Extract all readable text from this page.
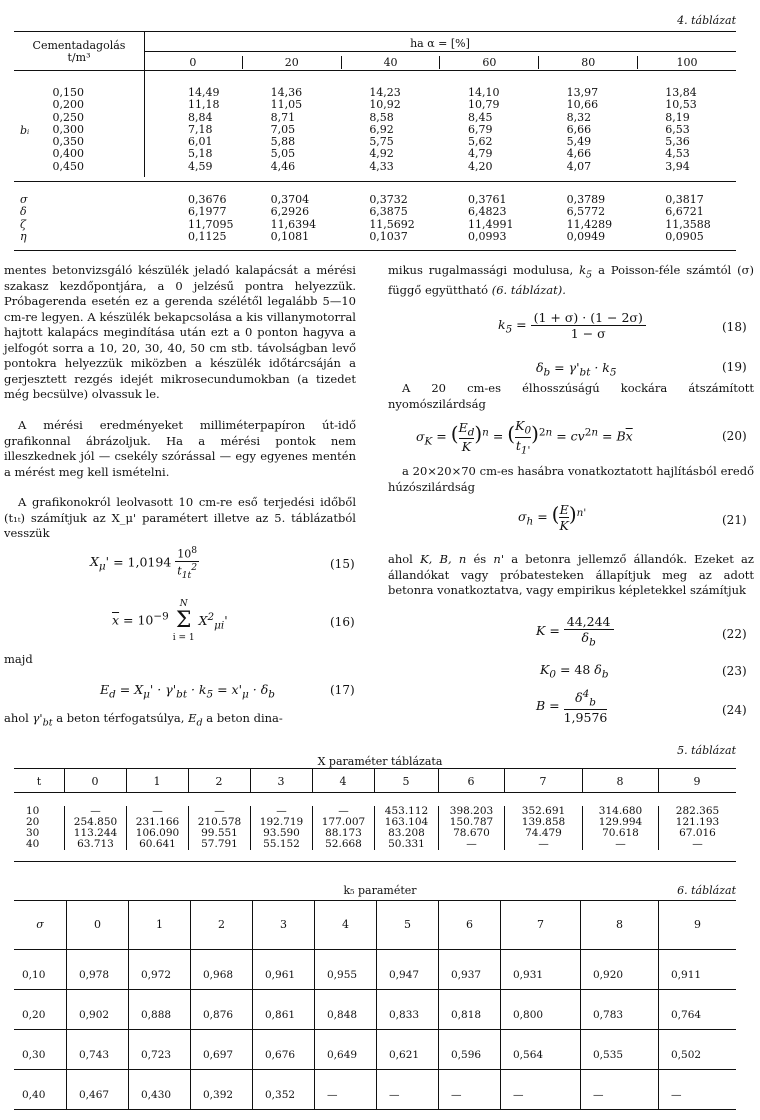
4. táblázat
Cementadagolás
t/m³
ha α = [%]
0	20	40	60	80	100
bᵢ
0,150	14,49	14,36	14,23	14,10	13,97	13,84
0,200	11,18	11,05	10,92	10,79	10,66	10,53
0,250	8,84	8,71	8,58	8,45	8,32	8,19
0,300	7,18	7,05	6,92	6,79	6,66	6,53
0,350	6,01	5,88	5,75	5,62	5,49	5,36
0,400	5,18	5,05	4,92	4,79	4,66	4,53
0,450	4,59	4,46	4,33	4,20	4,07	3,94
σ	0,3676	0,3704	0,3732	0,3761	0,3789	0,3817
δ	6,1977	6,2926	6,3875	6,4823	6,5772	6,6721
ζ	11,7095	11,6394	11,5692	11,4991	11,4289	11,3588
η	0,1125	0,1081	0,1037	0,0993	0,0949	0,0905
mentes betonvizsgáló készülék jeladó kalapácsát a mérési szakasz kezdőpontjára, a 0 jelzésű pontra helyezzük. Próbagerenda esetén ez a gerenda szélétől legalább 5—10 cm-re legyen. A készülék bekapcsolása a kis villanymotorral hajtott kalapács megindítása után ezt a 0 ponton hagyva a jelfogót sorra a 10, 20, 30, 40, 50 cm stb. távolságban levő pontokra helyezzük miközben a készülék időtárcsáján a gerjesztett rezgés idejét mikrosecundumokban (a tizedet még becsülve) olvassuk le.
A mérési eredményeket milliméterpapíron út-idő grafikonnal ábrázoljuk. Ha a mérési pontok nem illeszkednek jól — csekély szórással — egy egyenes mentén a mérést meg kell ismételni.
A grafikonokról leolvasott 10 cm-re eső terjedési időből (t₁ₜ) számítjuk az X_μ' paramétert illetve az 5. táblázatból vesszük
$X_\mu' = 1,0194 \frac{10^8}{t_{1t}^2}$	(15)
$\overline{x} = 10^{-9}$
N
Σ
i = 1
$X^2_{\mu i}'$	(16)
majd
$E_d = X_\mu' \cdot \gamma'_{bt} \cdot k_5 = x'_\mu \cdot \delta_b$	(17)
ahol $\gamma'_{bt}$ a beton térfogatsúlya, $E_d$ a beton dina-
mikus rugalmassági modulusa, $k_5$ a Poisson-féle számtól (σ) függő együttható (6. táblázat).
$k_5 = \frac{(1 + \sigma) \cdot (1 - 2\sigma)}{1 - \sigma}$	(18)
$\delta_b = \gamma'_{bt} \cdot k_5$	(19)
A 20 cm-es élhosszúságú kockára átszámított nyomószilárdság
$\sigma_K$ = ( $\frac{E_d}{K} )^n$ = ( $\frac{K_0}{t_{1'}} )^{2n} = cv^{2n} = B\overline{x}$	(20)
a 20×20×70 cm-es hasábra vonatkoztatott hajlításból eredő húzószilárdság
$\sigma_h$ = ( $\frac{E}{K} )^{n'}$
(21)
ahol K, B, n és n' a betonra jellemző állandók. Ezeket az állandókat vagy próbatesteken állapítjuk meg az adott betonra vonatkoztatva, vagy empirikus képletekkel számítjuk
$K = \frac{44,244}{\delta_b}$	(22)
$K_0 = 48$ $\delta_b$	(23)
$B = \frac{\delta^4_b}{1,9576}$	(24)
5. táblázat
X paraméter táblázata
t	0	1	2	3	4	5	6	7	8	9
10	—	—	—	—	—	453.112	398.203	352.691	314.680	282.365
20	254.850	231.166	210.578	192.719	177.007	163.104	150.787	139.858	129.994	121.193
30	113.244	106.090	99.551	93.590	88.173	83.208	78.670	74.479	70.618	67.016
40	63.713	60.641	57.791	55.152	52.668	50.331	—	—	—	—
k₅ paraméter	6. táblázat
σ	0	1	2	3	4	5	6	7	8	9
0,10	0,978	0,972	0,968	0,961	0,955	0,947	0,937	0,931	0,920	0,911
0,20	0,902	0,888	0,876	0,861	0,848	0,833	0,818	0,800	0,783	0,764
0,30	0,743	0,723	0,697	0,676	0,649	0,621	0,596	0,564	0,535	0,502
0,40	0,467	0,430	0,392	0,352	—	—	—	—	—	—
